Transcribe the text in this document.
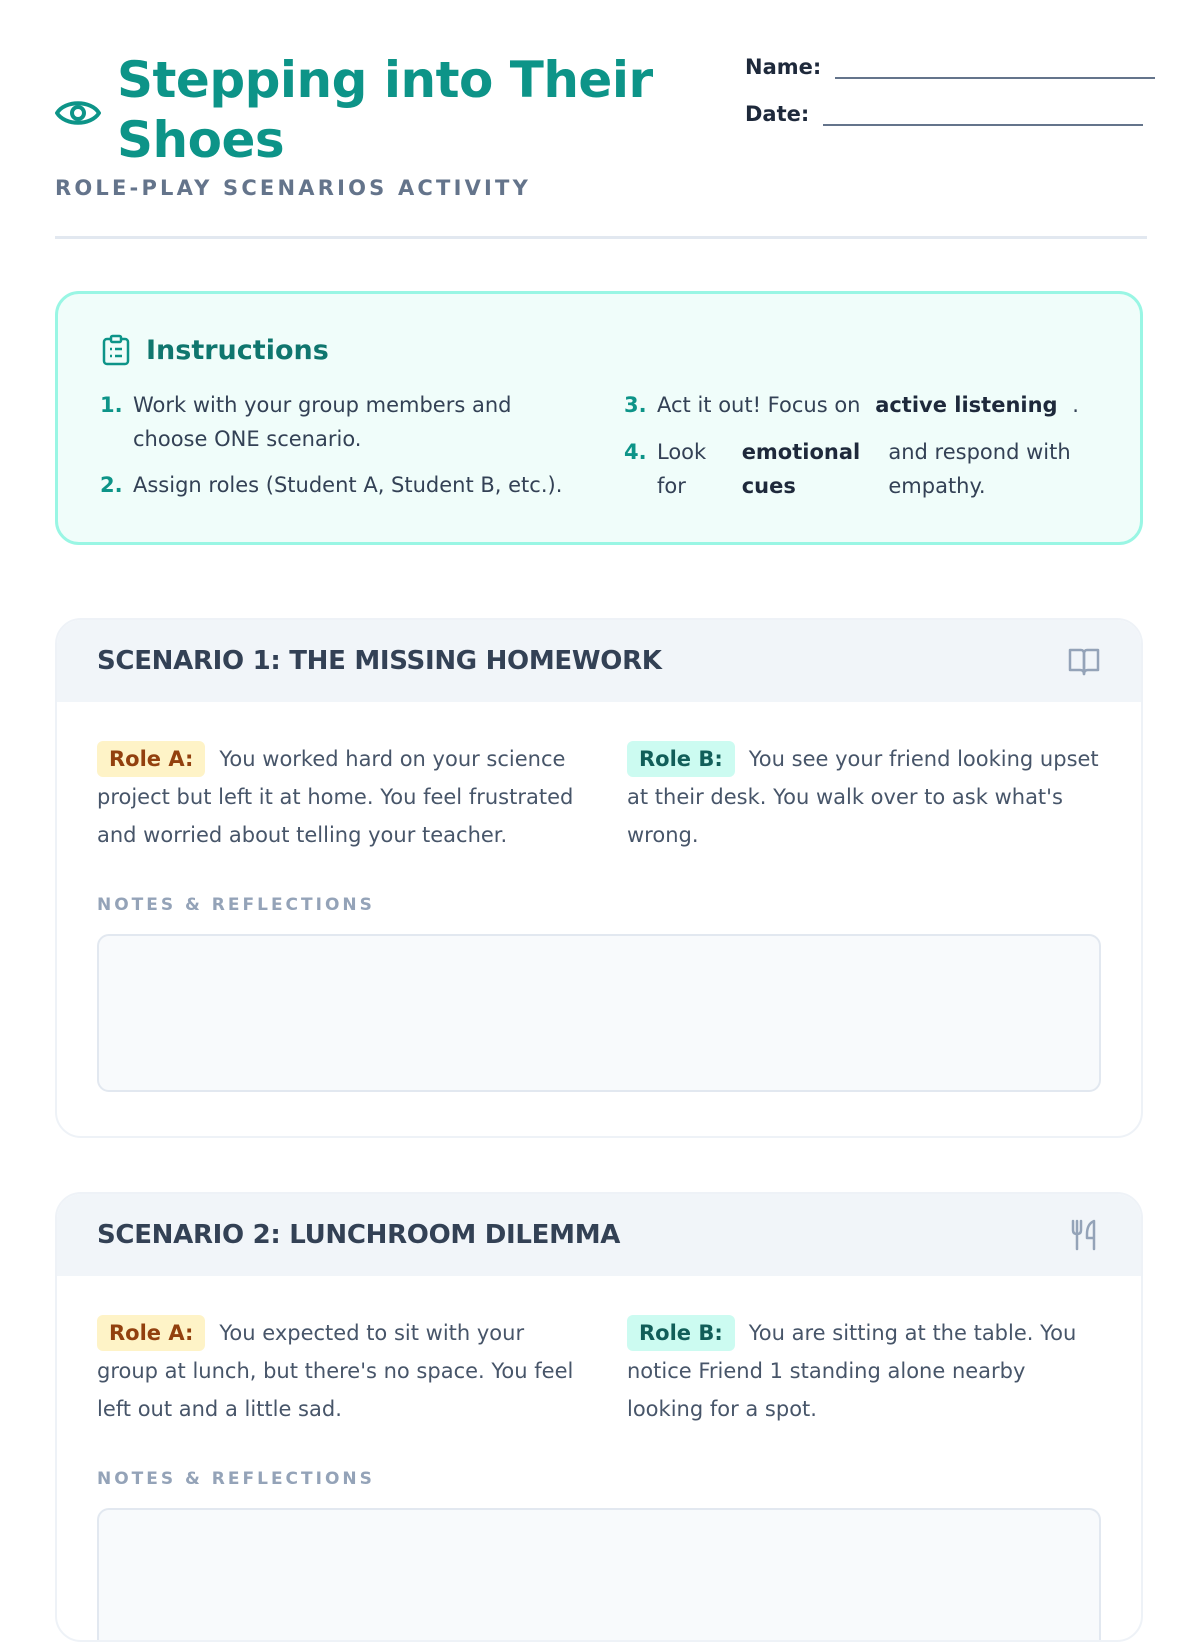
Stepping into Their Shoes
ROLE-PLAY SCENARIOS ACTIVITY
Name:
Date:
Instructions
1. Work with your group members and choose ONE scenario.
2. Assign roles (Student A, Student B, etc.).
3. Act it out! Focus on active listening .
4. Look for emotional cues and respond with empathy.
SCENARIO 1: THE MISSING HOMEWORK
Role A: You worked hard on your science project but left it at home. You feel frustrated and worried about telling your teacher.
Role B: You see your friend looking upset at their desk. You walk over to ask what's wrong.
NOTES & REFLECTIONS
SCENARIO 2: LUNCHROOM DILEMMA
Role A: You expected to sit with your group at lunch, but there's no space. You feel left out and a little sad.
Role B: You are sitting at the table. You notice Friend 1 standing alone nearby looking for a spot.
NOTES & REFLECTIONS
